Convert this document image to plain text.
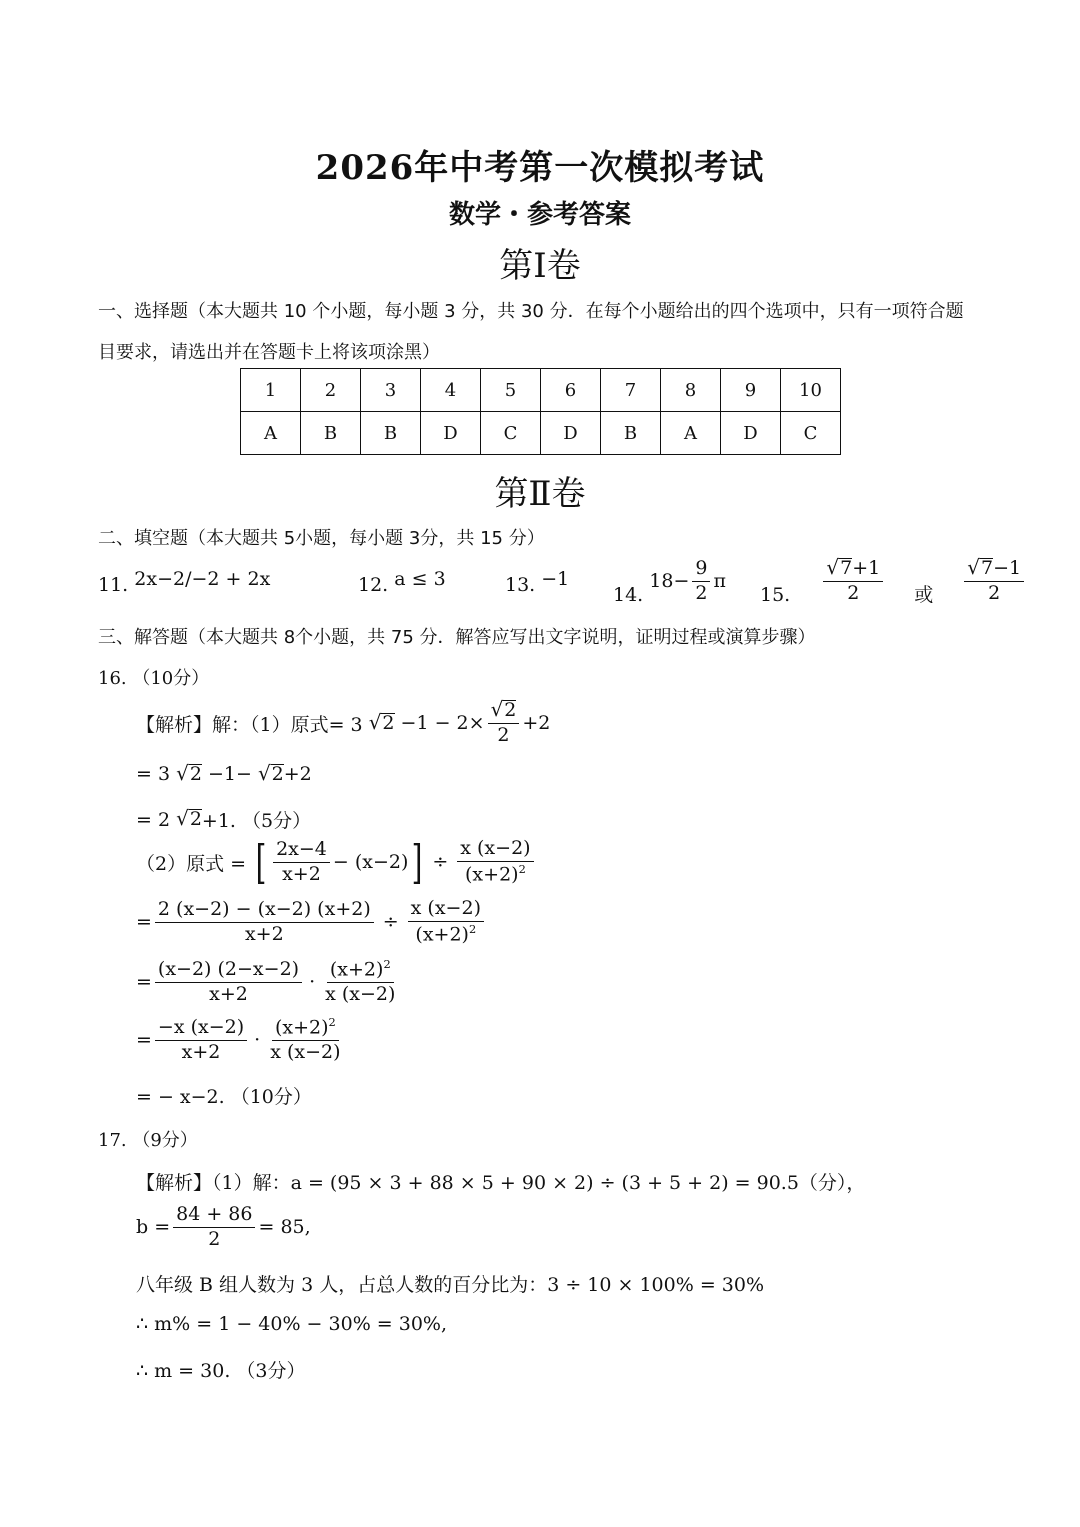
2026年中考第一次模拟考试
数学・参考答案
第Ⅰ卷
一、选择题（本大题共 10 个小题，每小题 3 分，共 30 分．在每个小题给出的四个选项中，只有一项符合题
目要求，请选出并在答题卡上将该项涂黑）
1	2	3	4	5	6	7	8	9	10
A	B	B	D	C	D	B	A	D	C
第Ⅱ卷
二、填空题（本大题共 5小题，每小题 3分，共 15 分）
11.
2x−2/−2 + 2x	12.
a ≤ 3	13.
−1
14.

$18- \frac{9}{2}$ π
15.
$\frac{√ 7 +1}{2}$ 或 $\frac{√ 7 -1}{2}$
三、解答题（本大题共 8个小题，共 75 分．解答应写出文字说明，证明过程或演算步骤）
16. （10分）
【解析】解：（1）原式= 3
√ 2
$-1 - 2\times \frac{√ 2}{2} +2$
= 3
√ 2
−1−
√ 2 +2
= 2
√ 2 +1. （5分）
（2）原式 =
[ $\frac{2x-4}{x+2} - (x-2)$ ] ÷ $\frac{x (x-2)}{(x+2)^2}$
= $\frac{2 (x-2) - (x-2) (x+2)}{x+2} \div \frac{x (x-2)}{(x+2)^2}$
= $\frac{(x-2) (2-x-2)}{x+2} \cdot \frac{(x+2)^2}{x (x-2)}$
= $\frac{-x (x-2)}{x+2} \cdot \frac{(x+2)^2}{x (x-2)}$
= − x−2. （10分）
17. （9分）
【解析】（1）解：a = (95 × 3 + 88 × 5 + 90 × 2) ÷ (3 + 5 + 2) = 90.5（分），
$b = \frac{84 + 86}{2} = 85$,
八年级 B 组人数为 3 人，占总人数的百分比为：3 ÷ 10 × 100% = 30%
∴ m% = 1 − 40% − 30% = 30%,
∴ m = 30. （3分）
